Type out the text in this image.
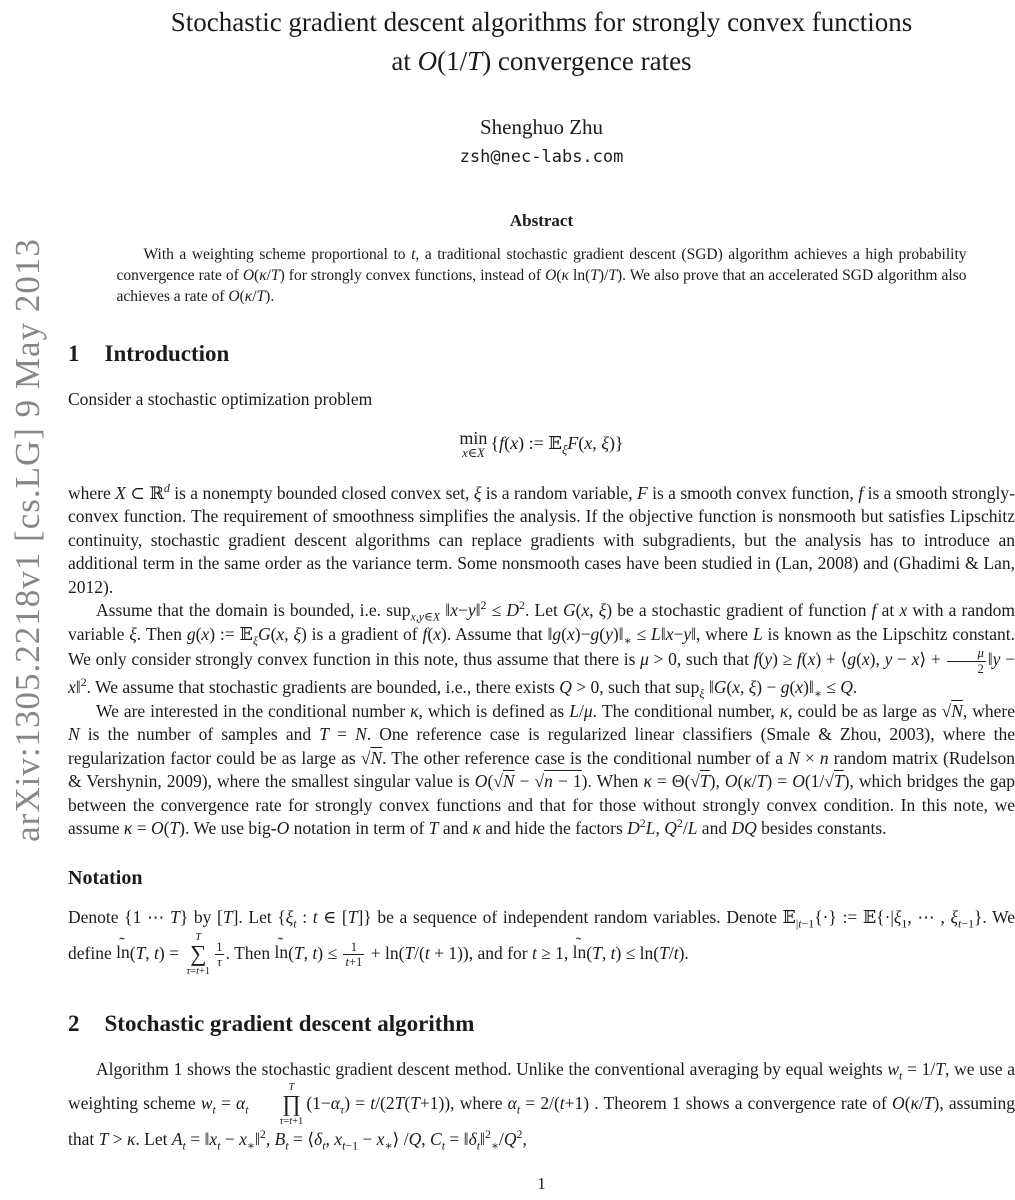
arXiv:1305.2218v1 [cs.LG] 9 May 2013
Stochastic gradient descent algorithms for strongly convex functions
at O(1/T) convergence rates
Shenghuo Zhu
zsh@nec-labs.com
Abstract

With a weighting scheme proportional to t, a traditional stochastic gradient descent (SGD) algorithm achieves a high probability convergence rate of O(κ/T) for strongly convex functions, instead of O(κ ln(T)/T). We also prove that an accelerated SGD algorithm also achieves a rate of O(κ/T).

1 Introduction

Consider a stochastic optimization problem

min
x∈X
{f(x) := 𝔼$_\xi$F(x, ξ)}

where X ⊂ ℝ$^d$ is a nonempty bounded closed convex set, ξ is a random variable, F is a smooth convex function, f is a smooth strongly-convex function. The requirement of smoothness simplifies the analysis. If the objective function is nonsmooth but satisfies Lipschitz continuity, stochastic gradient descent algorithms can replace gradients with subgradients, but the analysis has to introduce an additional term in the same order as the variance term. Some nonsmooth cases have been studied in (Lan, 2008) and (Ghadimi & Lan, 2012).

Assume that the domain is bounded, i.e. sup$_{x,y\in X}$ ‖x−y‖$^2$ ≤ $D^2$. Let G(x, ξ) be a stochastic gradient of function f at x with a random variable ξ. Then g(x) := 𝔼$_\xi$G(x, ξ) is a gradient of f(x). Assume that $‖g(x)-g(y)‖_∗$ ≤ L‖x−y‖, where L is known as the Lipschitz constant. We only consider strongly convex function in this note, thus assume that there is μ > 0, such that f(y) ≥ f(x) + ⟨g(x), y − x⟩ + $\frac{\mu}{2}$ ‖y − x‖$^2$. We assume that stochastic gradients are bounded, i.e., there exists Q > 0, such that sup$_\xi$ ‖G(x, $\xi) - g(x)‖_∗ \le Q$.

We are interested in the conditional number κ, which is defined as L/μ. The conditional number, κ, could be as large as √N, where N is the number of samples and T = N. One reference case is regularized linear classifiers (Smale & Zhou, 2003), where the regularization factor could be as large as √N. The other reference case is the conditional number of a N × n random matrix (Rudelson & Vershynin, 2009), where the smallest singular value is O(√N − √n − 1). When κ = Θ(√T), O(κ/T) = O(1/√T), which bridges the gap between the convergence rate for strongly convex functions and that for those without strongly convex condition. In this note, we assume κ = O(T). We use big-O notation in term of T and κ and hide the factors $D^2L$, $Q^2/L$ and DQ besides constants.

Notation

Denote {1 ⋯ T} by [T]. Let {$\xi_t$ : t ∈ [T]} be a sequence of independent random variables. Denote 𝔼$_{|t-1}${·} := $𝔼\{\cdot|\xi_1$, ⋯ , $\xi_{t-1}$}. We define ln ˜(T, t) =
T
∑
τ=t+1
$\frac{1}{\tau}$ . Then ln ˜(T, $t) \le \frac{1}{t+1} + \ln(T/(t + 1))$, and for t ≥ 1, ln ˜(T, t) ≤ ln(T/t).

2 Stochastic gradient descent algorithm

Algorithm 1 shows the stochastic gradient descent method. Unlike the conventional averaging by equal weights $w_t = 1/T$, we use a weighting scheme $w_t = \alpha_t$
T
∏
τ=t+1
$(1-\alpha_\tau) = t/(2T(T+1))$, where $\alpha_t = 2/(t+1)$ . Theorem 1 shows a convergence rate of O(κ/T), assuming that T > κ. Let $A_t$ = $‖x_t$ − $x_∗‖^2$, $B_t$ = $⟨\delta_t$, $x_{t-1}$ − $x_∗⟩$ /Q, $C_t$ = $‖\delta_t‖^2_∗/Q^2$,

1
